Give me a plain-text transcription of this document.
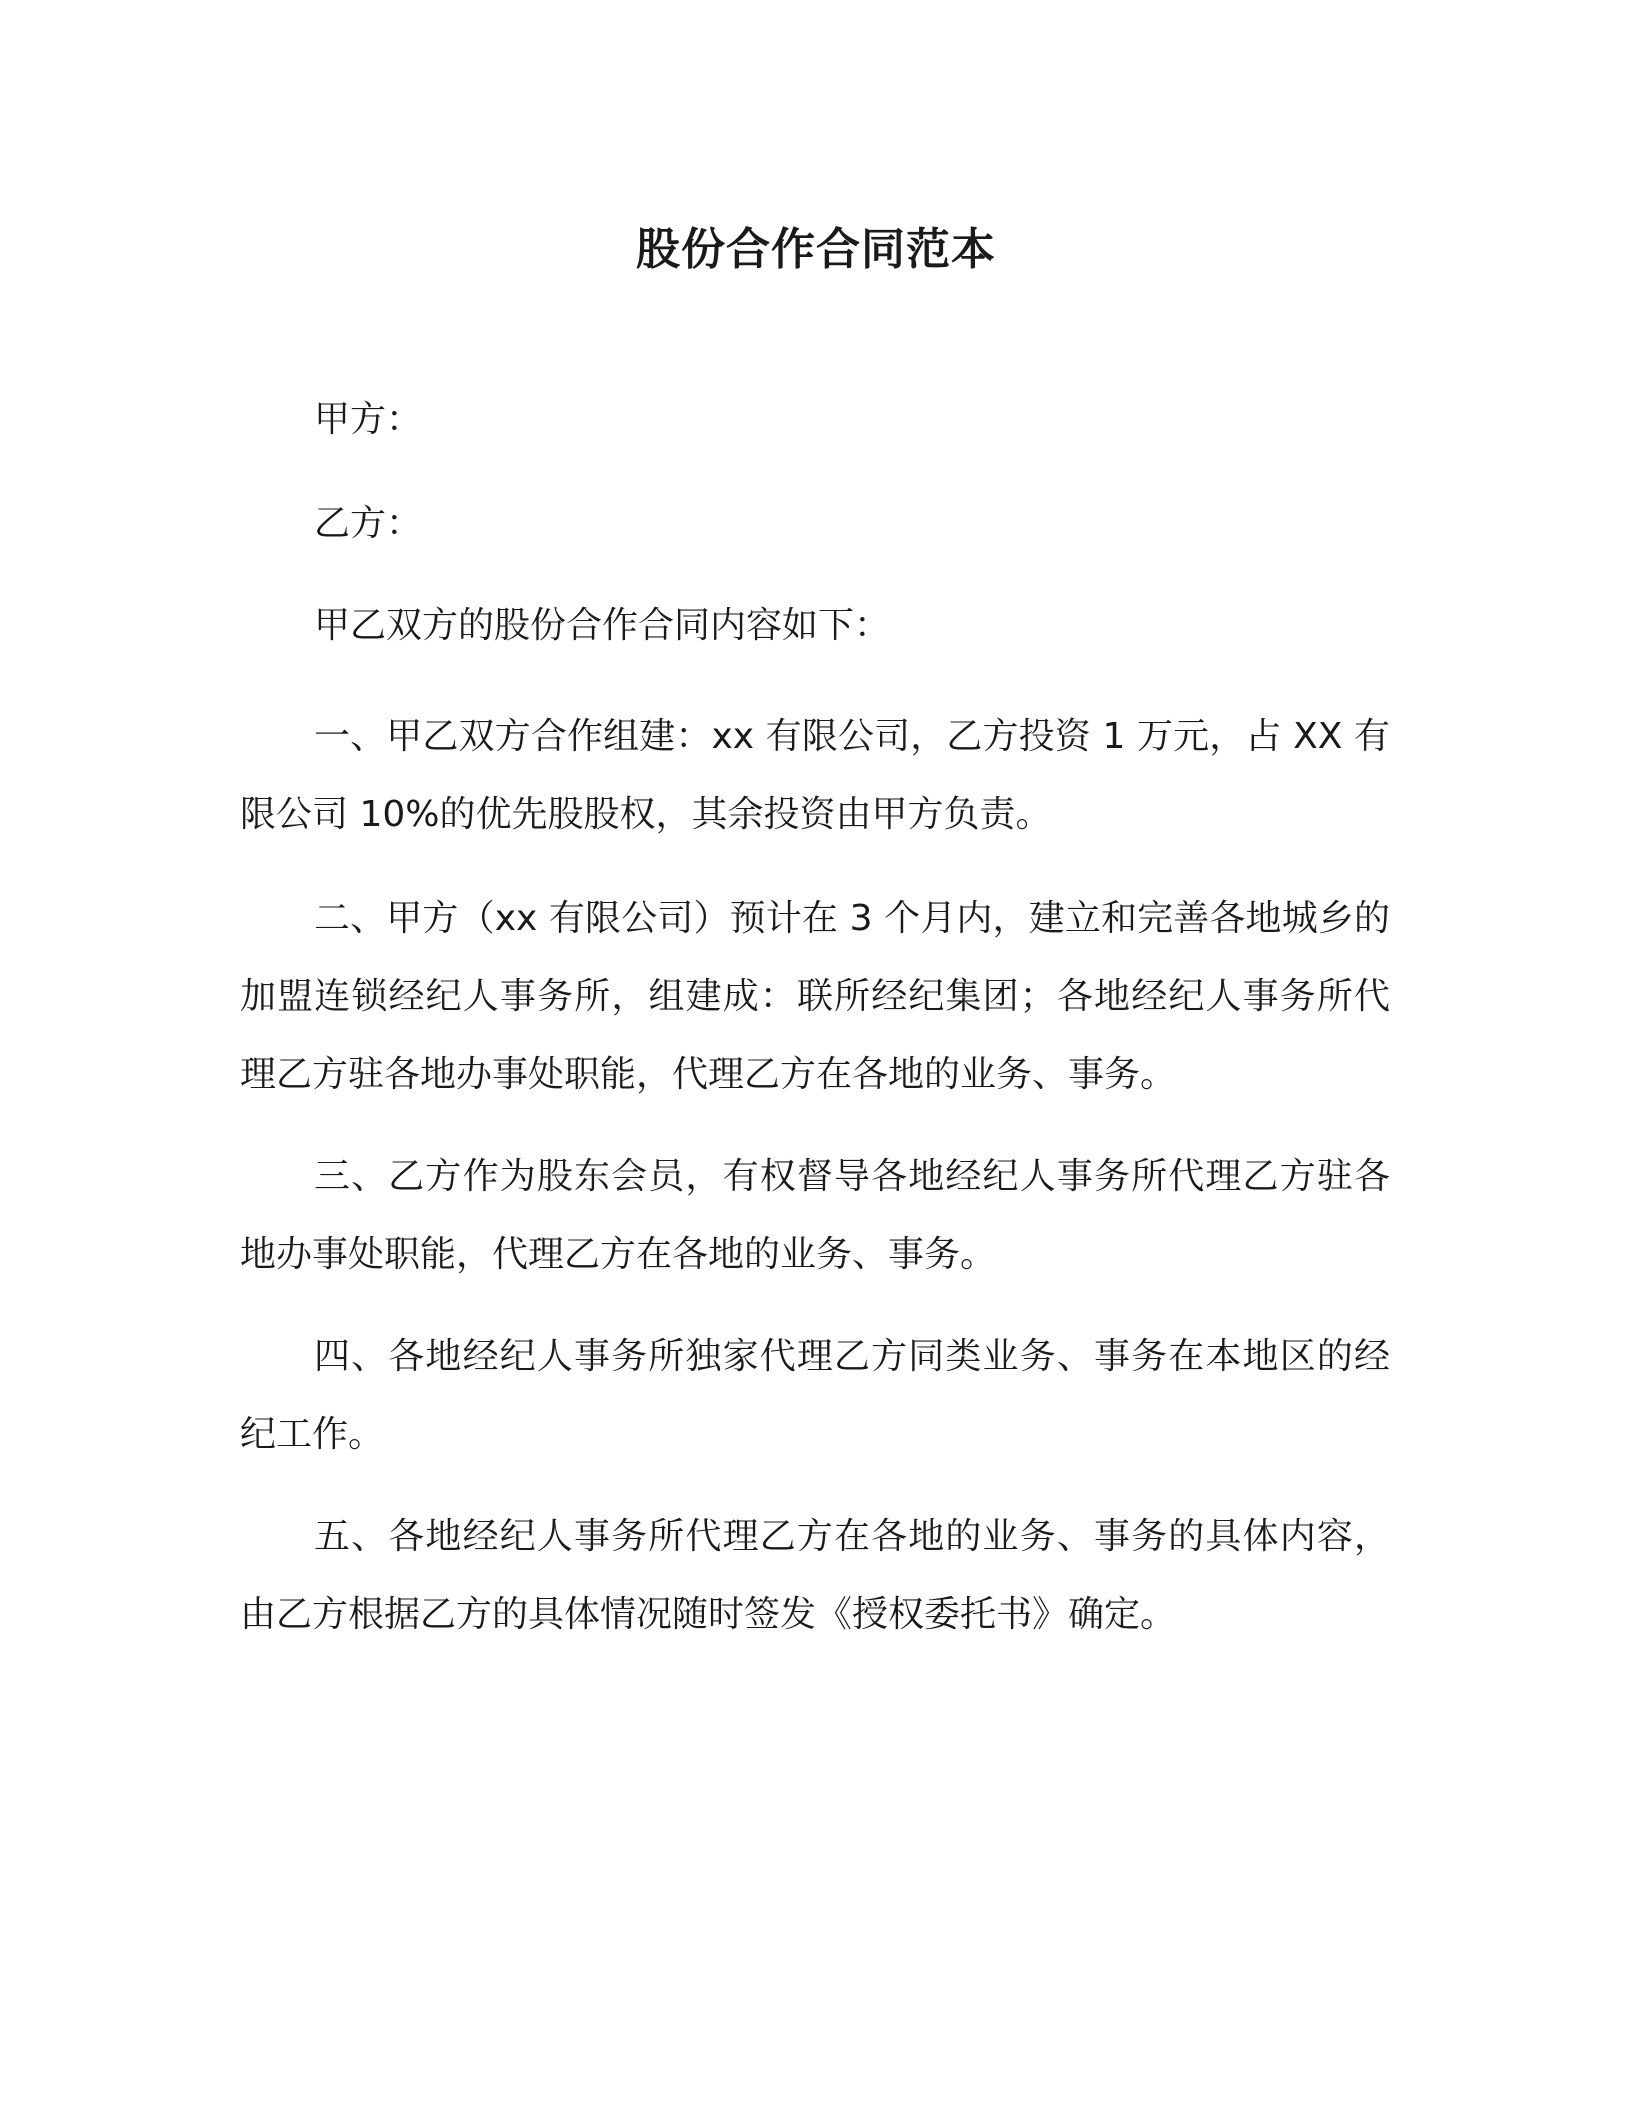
股份合作合同范本

甲方：

乙方：

甲乙双方的股份合作合同内容如下：

一、甲乙双方合作组建：xx 有限公司，乙方投资 1 万元，占 XX 有限公司 10%的优先股股权，其余投资由甲方负责。

二、甲方（xx 有限公司）预计在 3 个月内，建立和完善各地城乡的加盟连锁经纪人事务所，组建成：联所经纪集团；各地经纪人事务所代理乙方驻各地办事处职能，代理乙方在各地的业务、事务。

三、乙方作为股东会员，有权督导各地经纪人事务所代理乙方驻各地办事处职能，代理乙方在各地的业务、事务。

四、各地经纪人事务所独家代理乙方同类业务、事务在本地区的经纪工作。

五、各地经纪人事务所代理乙方在各地的业务、事务的具体内容，由乙方根据乙方的具体情况随时签发《授权委托书》确定。
